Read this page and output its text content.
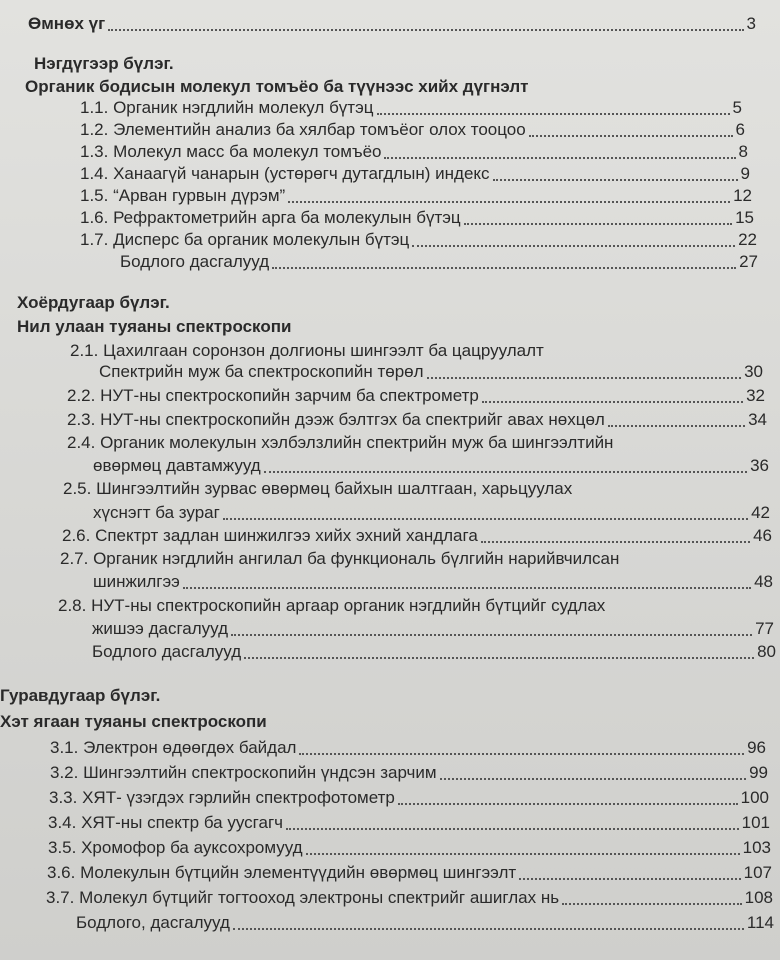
Өмнөх үг	3
Нэгдүгээр бүлэг.
Органик бодисын молекул томъёо ба түүнээс хийх дүгнэлт
1.1. Органик нэгдлийн молекул бүтэц	5
1.2. Элементийн анализ ба хялбар томъёог олох тооцоо	6
1.3. Молекул масс ба молекул томъёо	8
1.4. Ханаагүй чанарын (устөрөгч дутагдлын) индекс	9
1.5. “Арван гурвын дүрэм”	12
1.6. Рефрактометрийн арга ба молекулын бүтэц	15
1.7. Дисперс ба органик молекулын бүтэц	22
Бодлого дасгалууд	27
Хоёрдугаар бүлэг.
Нил улаан туяаны спектроскопи
2.1. Цахилгаан соронзон долгионы шингээлт ба цацруулалт
Спектрийн муж ба спектроскопийн төрөл	30
2.2. НУТ-ны спектроскопийн зарчим ба спектрометр	32
2.3. НУТ-ны спектроскопийн дээж бэлтгэх ба спектрийг авах нөхцөл	34
2.4. Органик молекулын хэлбэлзлийн спектрийн муж ба шингээлтийн
өвөрмөц давтамжууд	36
2.5. Шингээлтийн зурвас өвөрмөц байхын шалтгаан, харьцуулах
хүснэгт ба зураг	42
2.6. Спектрт задлан шинжилгээ хийх эхний хандлага	46
2.7. Органик нэгдлийн ангилал ба функциональ бүлгийн нарийвчилсан
шинжилгээ	48
2.8. НУТ-ны спектроскопийн аргаар органик нэгдлийн бүтцийг судлах
жишээ дасгалууд	77
Бодлого дасгалууд	80
Гуравдугаар бүлэг.
Хэт ягаан туяаны спектроскопи
3.1. Электрон өдөөгдөх байдал	96
3.2. Шингээлтийн спектроскопийн үндсэн зарчим	99
3.3. ХЯТ- үзэгдэх гэрлийн спектрофотометр	100
3.4. ХЯТ-ны спектр ба уусгагч	101
3.5. Хромофор ба ауксохромууд	103
3.6. Молекулын бүтцийн элементүүдийн өвөрмөц шингээлт	107
3.7. Молекул бүтцийг тогтооход электроны спектрийг ашиглах нь	108
Бодлого, дасгалууд	114
